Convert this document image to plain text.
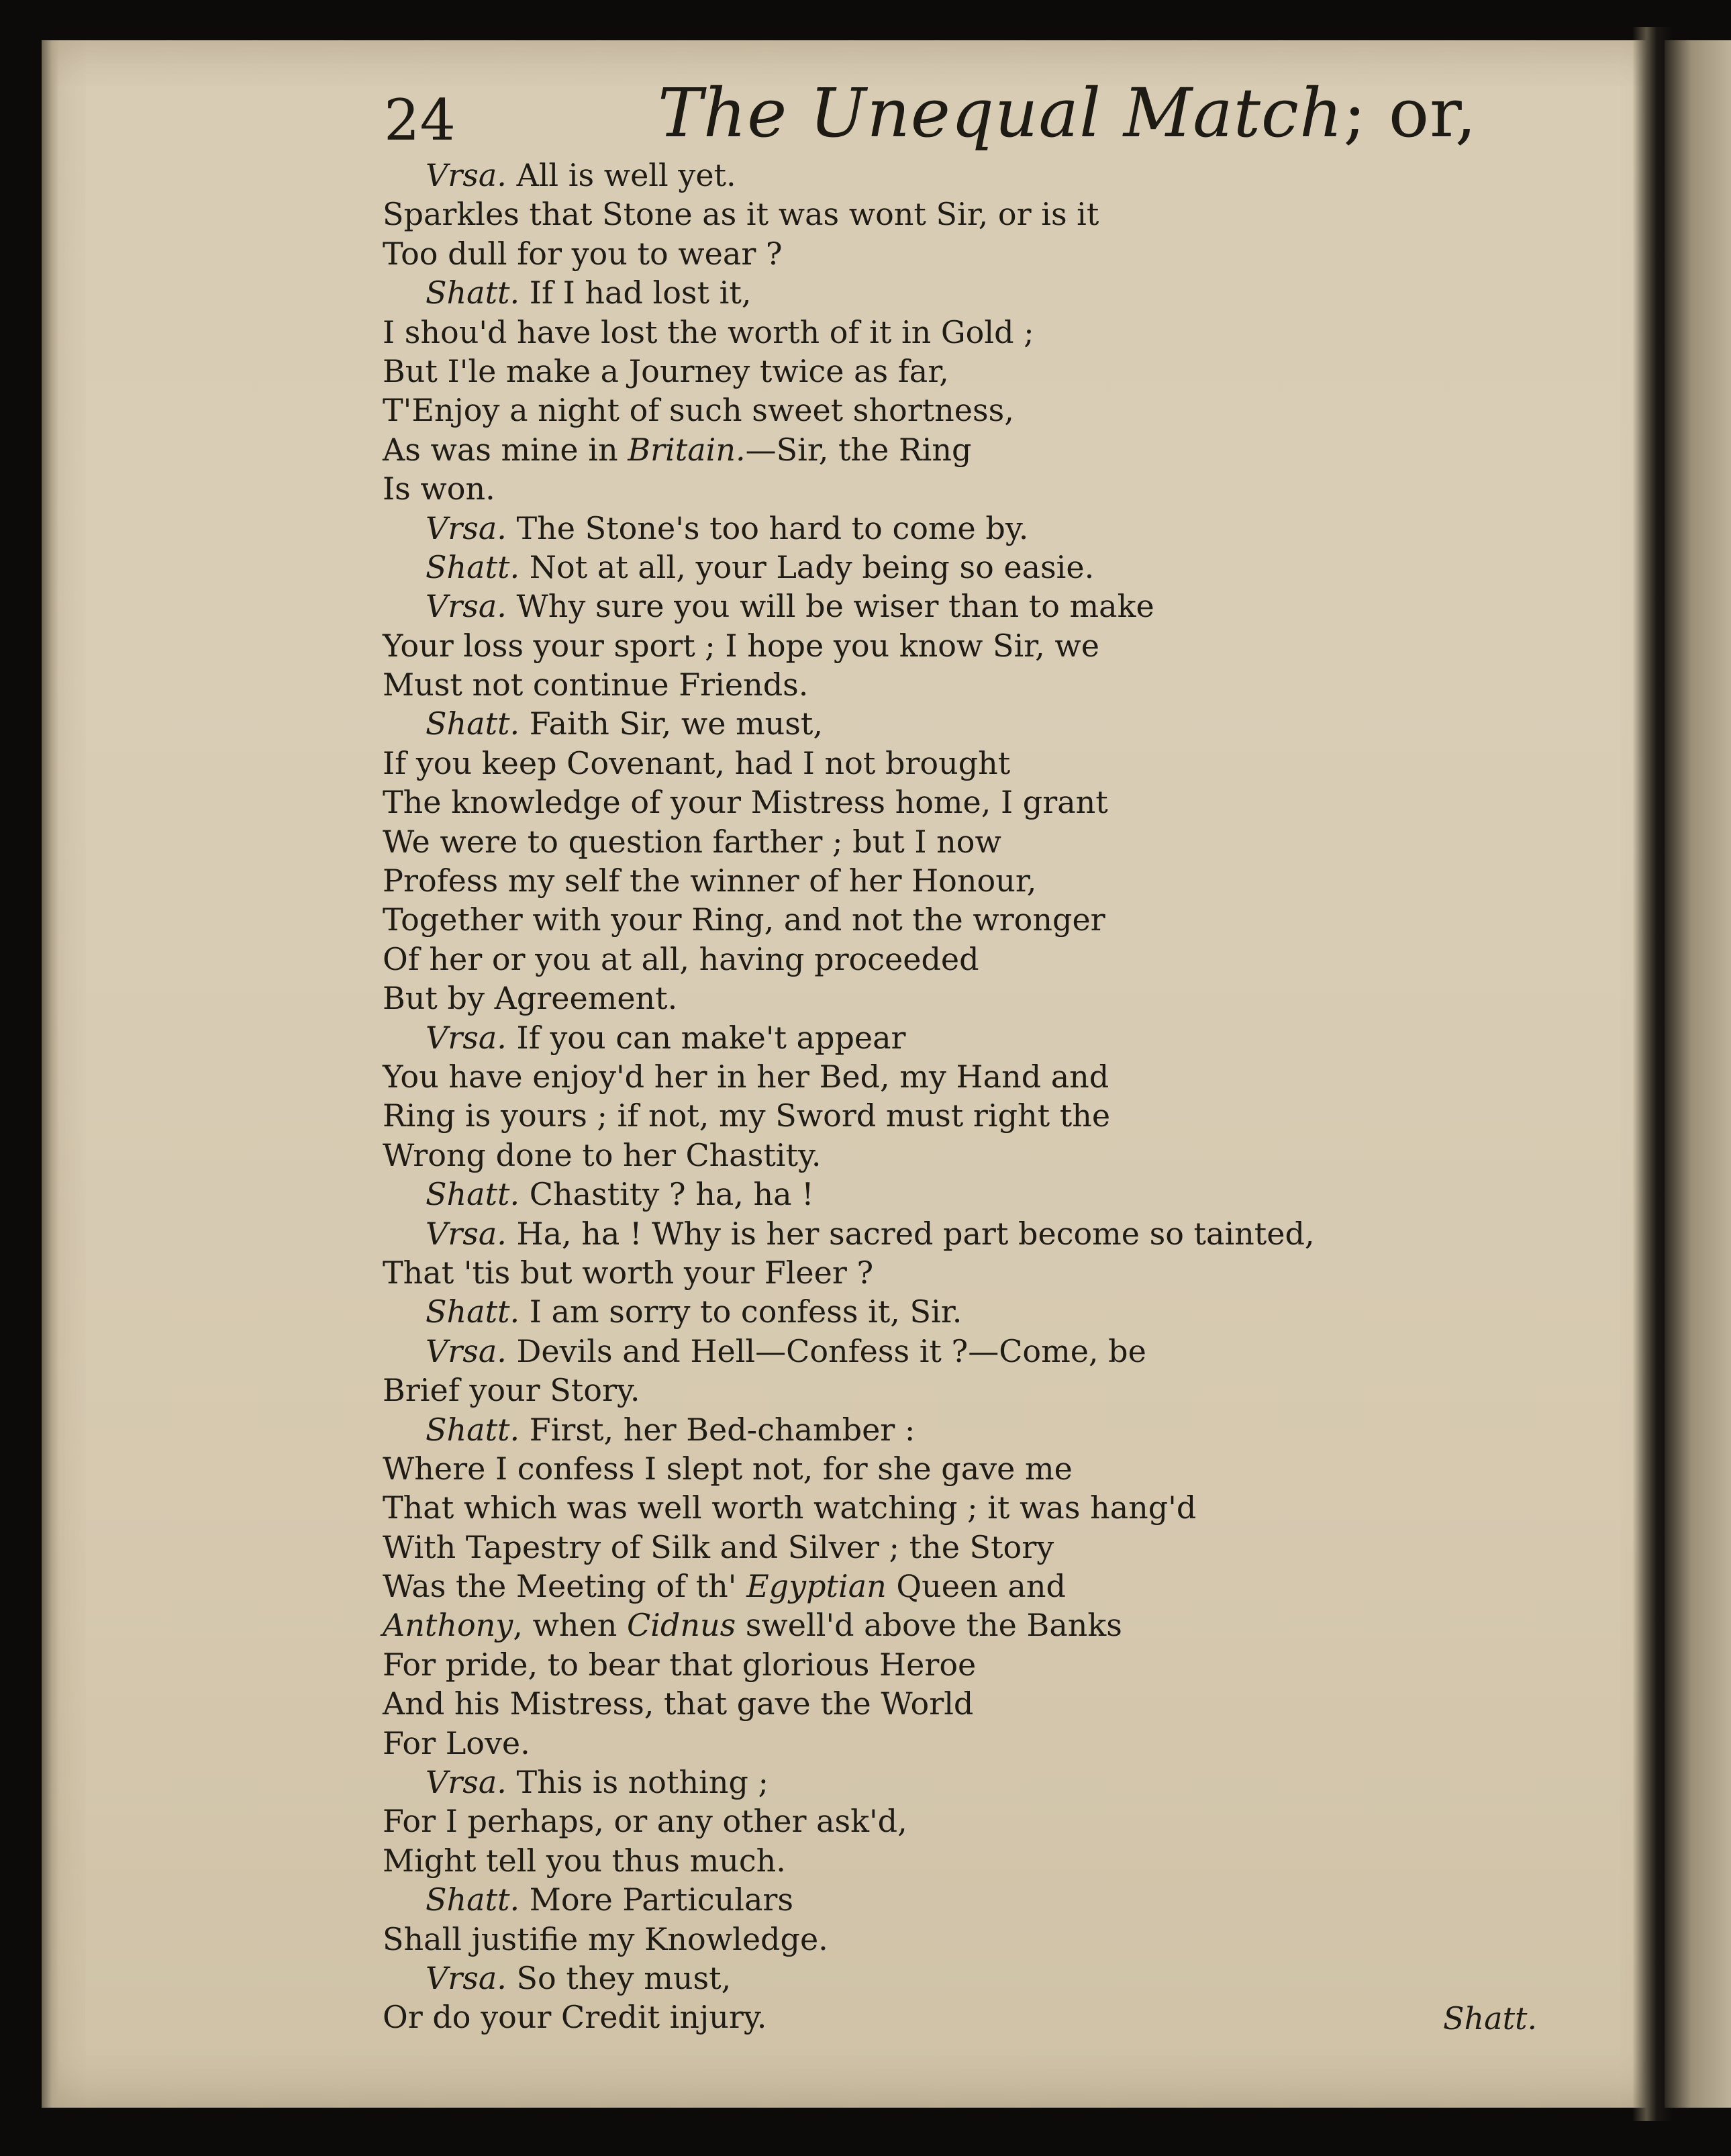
24	The Unequal Match; or,
Vrsa. All is well yet.
Sparkles that Stone as it was wont Sir, or is it
Too dull for you to wear ?
Shatt. If I had lost it,
I shou'd have lost the worth of it in Gold ;
But I'le make a Journey twice as far,
T'Enjoy a night of such sweet shortness,
As was mine in Britain.—Sir, the Ring
Is won.
Vrsa. The Stone's too hard to come by.
Shatt. Not at all, your Lady being so easie.
Vrsa. Why sure you will be wiser than to make
Your loss your sport ; I hope you know Sir, we
Must not continue Friends.
Shatt. Faith Sir, we must,
If you keep Covenant, had I not brought
The knowledge of your Mistress home, I grant
We were to question farther ; but I now
Profess my self the winner of her Honour,
Together with your Ring, and not the wronger
Of her or you at all, having proceeded
But by Agreement.
Vrsa. If you can make't appear
You have enjoy'd her in her Bed, my Hand and
Ring is yours ; if not, my Sword must right the
Wrong done to her Chastity.
Shatt. Chastity ? ha, ha !
Vrsa. Ha, ha ! Why is her sacred part become so tainted,
That 'tis but worth your Fleer ?
Shatt. I am sorry to confess it, Sir.
Vrsa. Devils and Hell—Confess it ?—Come, be
Brief your Story.
Shatt. First, her Bed-chamber :
Where I confess I slept not, for she gave me
That which was well worth watching ; it was hang'd
With Tapestry of Silk and Silver ; the Story
Was the Meeting of th' Egyptian Queen and
Anthony, when Cidnus swell'd above the Banks
For pride, to bear that glorious Heroe
And his Mistress, that gave the World
For Love.
Vrsa. This is nothing ;
For I perhaps, or any other ask'd,
Might tell you thus much.
Shatt. More Particulars
Shall justifie my Knowledge.
Vrsa. So they must,
Or do your Credit injury.	Shatt.
